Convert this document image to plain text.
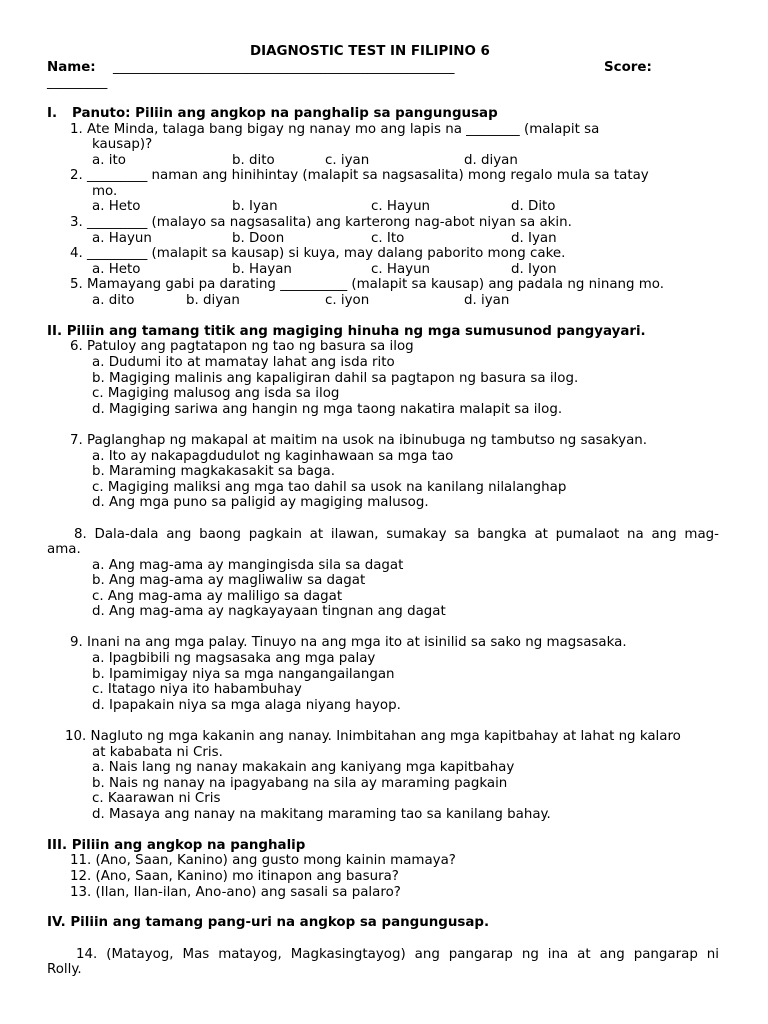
DIAGNOSTIC TEST IN FILIPINO 6
Name: ___________________________________________________	Score:
_________
I. Panuto: Piliin ang angkop na panghalip sa pangungusap
1. Ate Minda, talaga bang bigay ng nanay mo ang lapis na ________ (malapit sa
kausap)?
a. ito	b. dito	c. iyan	d. diyan
2. _________ naman ang hinihintay (malapit sa nagsasalita) mong regalo mula sa tatay
mo.
a. Heto	b. Iyan	c. Hayun	d. Dito
3. _________ (malayo sa nagsasalita) ang karterong nag-abot niyan sa akin.
a. Hayun	b. Doon	c. Ito	d. Iyan
4. _________ (malapit sa kausap) si kuya, may dalang paborito mong cake.
a. Heto	b. Hayan	c. Hayun	d. Iyon
5. Mamayang gabi pa darating __________ (malapit sa kausap) ang padala ng ninang mo.
a. dito	b. diyan	c. iyon	d. iyan
II. Piliin ang tamang titik ang magiging hinuha ng mga sumusunod pangyayari.
6. Patuloy ang pagtatapon ng tao ng basura sa ilog
a. Dudumi ito at mamatay lahat ang isda rito
b. Magiging malinis ang kapaligiran dahil sa pagtapon ng basura sa ilog.
c. Magiging malusog ang isda sa ilog
d. Magiging sariwa ang hangin ng mga taong nakatira malapit sa ilog.
7. Paglanghap ng makapal at maitim na usok na ibinubuga ng tambutso ng sasakyan.
a. Ito ay nakapagdudulot ng kaginhawaan sa mga tao
b. Maraming magkakasakit sa baga.
c. Magiging maliksi ang mga tao dahil sa usok na kanilang nilalanghap
d. Ang mga puno sa paligid ay magiging malusog.
8. Dala-dala ang baong pagkain at ilawan, sumakay sa bangka at pumalaot na ang mag-
ama.
a. Ang mag-ama ay mangingisda sila sa dagat
b. Ang mag-ama ay magliwaliw sa dagat
c. Ang mag-ama ay maliligo sa dagat
d. Ang mag-ama ay nagkayayaan tingnan ang dagat
9. Inani na ang mga palay. Tinuyo na ang mga ito at isinilid sa sako ng magsasaka.
a. Ipagbibili ng magsasaka ang mga palay
b. Ipamimigay niya sa mga nangangailangan
c. Itatago niya ito habambuhay
d. Ipapakain niya sa mga alaga niyang hayop.
10. Nagluto ng mga kakanin ang nanay. Inimbitahan ang mga kapitbahay at lahat ng kalaro
at kababata ni Cris.
a. Nais lang ng nanay makakain ang kaniyang mga kapitbahay
b. Nais ng nanay na ipagyabang na sila ay maraming pagkain
c. Kaarawan ni Cris
d. Masaya ang nanay na makitang maraming tao sa kanilang bahay.
III. Piliin ang angkop na panghalip
11. (Ano, Saan, Kanino) ang gusto mong kainin mamaya?
12. (Ano, Saan, Kanino) mo itinapon ang basura?
13. (Ilan, Ilan-ilan, Ano-ano) ang sasali sa palaro?
IV. Piliin ang tamang pang-uri na angkop sa pangungusap.
14. (Matayog, Mas matayog, Magkasingtayog) ang pangarap ng ina at ang pangarap ni
Rolly.
